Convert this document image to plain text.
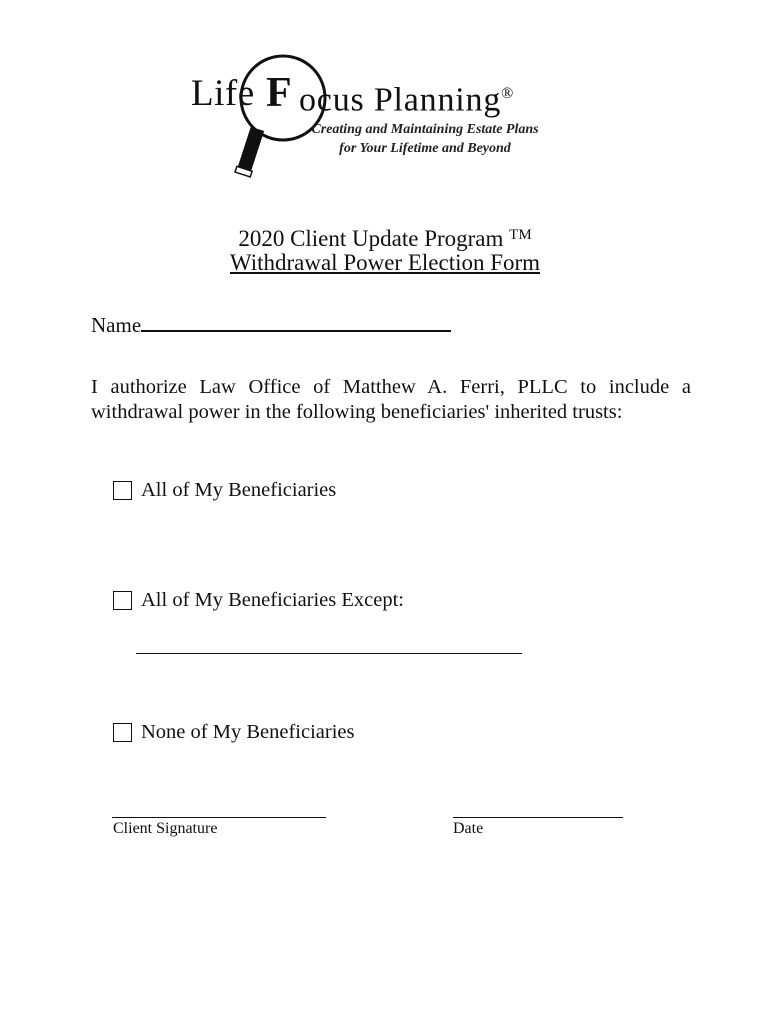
Life F ocus Planning®
Creating and Maintaining Estate Plans
for Your Lifetime and Beyond
2020 Client Update Program ™
Withdrawal Power Election Form
Name
I authorize Law Office of Matthew A. Ferri, PLLC to include a
withdrawal power in the following beneficiaries' inherited trusts:
All of My Beneficiaries
All of My Beneficiaries Except:
None of My Beneficiaries
Client Signature	Date
